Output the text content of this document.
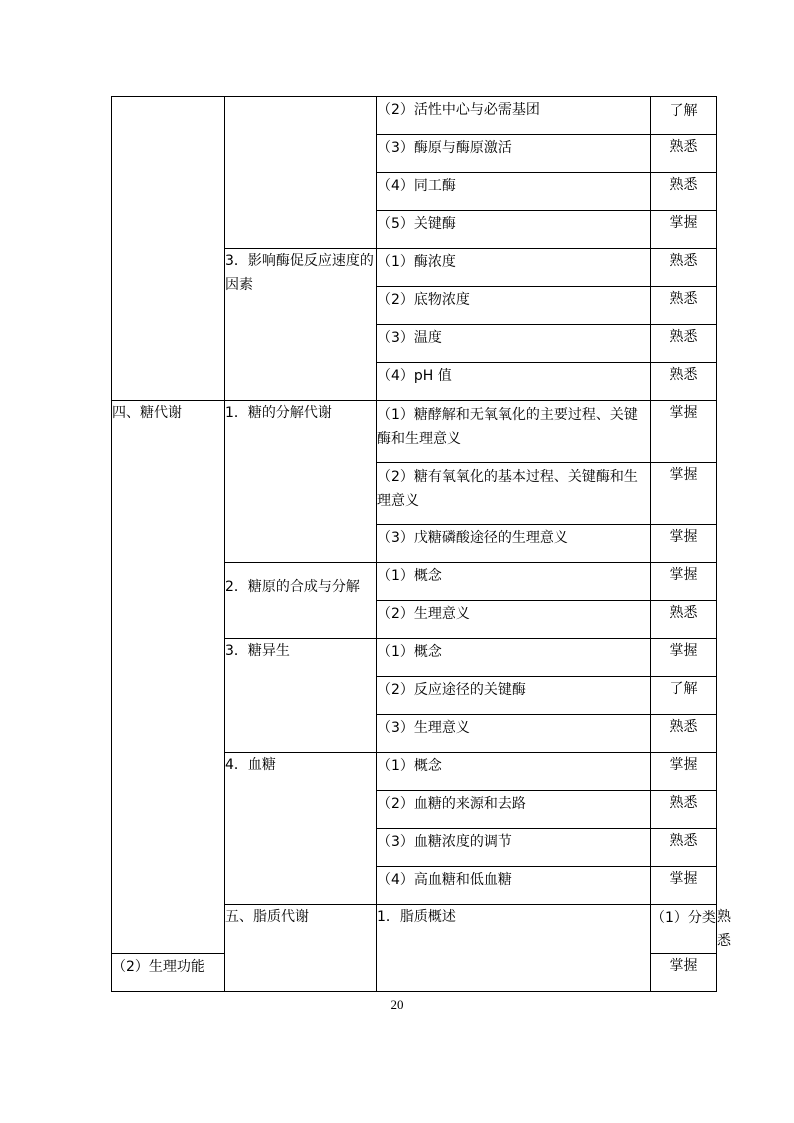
		（2）活性中心与必需基团	了解	

		（3）酶原与酶原激活	熟悉	

		（4）同工酶	熟悉	

		（5）关键酶	掌握	
	3．影响酶促反应速度的因素	（1）酶浓度	熟悉	

		（2）底物浓度	熟悉	

		（3）温度	熟悉	

		（4）pH 值	熟悉	
四、糖代谢	1．糖的分解代谢	（1）糖酵解和无氧氧化的主要过程、关键酶和生理意义	掌握	

		（2）糖有氧氧化的基本过程、关键酶和生理意义	掌握	

		（3）戊糖磷酸途径的生理意义	掌握	
	2．糖原的合成与分解	（1）概念	掌握	

		（2）生理意义	熟悉	
	3．糖异生	（1）概念	掌握	

		（2）反应途径的关键酶	了解	

		（3）生理意义	熟悉	
	4．血糖	（1）概念	掌握	

		（2）血糖的来源和去路	熟悉	

		（3）血糖浓度的调节	熟悉	

		（4）高血糖和低血糖	掌握	
	五、脂质代谢	1．脂质概述	（1）分类	熟悉

（2）生理功能			掌握	
20
